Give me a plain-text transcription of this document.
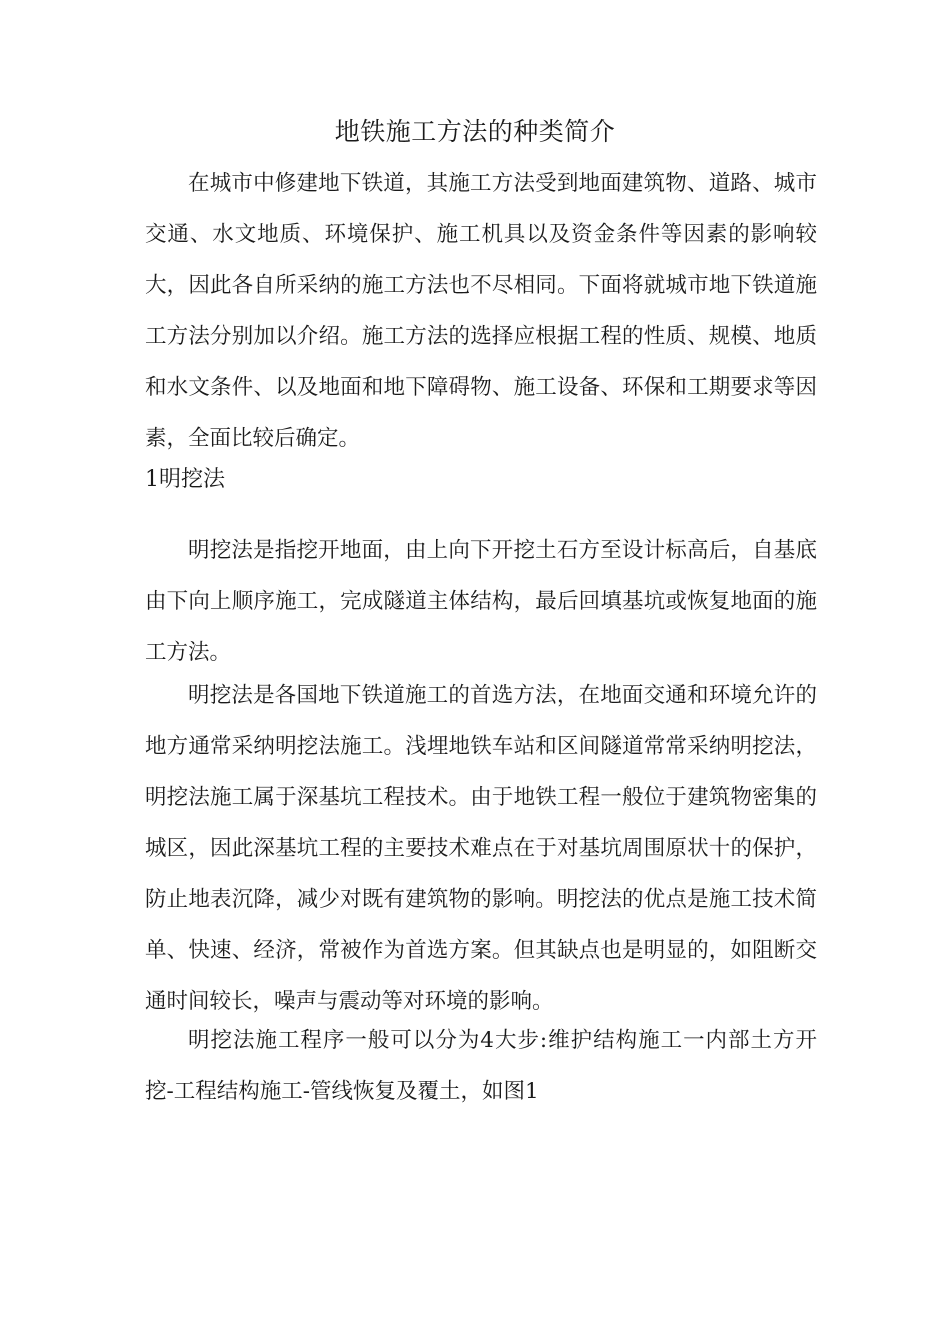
地铁施工方法的种类简介

在城市中修建地下铁道，其施工方法受到地面建筑物、道路、城市交通、水文地质、环境保护、施工机具以及资金条件等因素的影响较大，因此各自所采纳的施工方法也不尽相同。下面将就城市地下铁道施工方法分别加以介绍。施工方法的选择应根据工程的性质、规模、地质和水文条件、以及地面和地下障碍物、施工设备、环保和工期要求等因素，全面比较后确定。

1明挖法

明挖法是指挖开地面，由上向下开挖土石方至设计标高后，自基底由下向上顺序施工，完成隧道主体结构，最后回填基坑或恢复地面的施工方法。

明挖法是各国地下铁道施工的首选方法，在地面交通和环境允许的地方通常采纳明挖法施工。浅埋地铁车站和区间隧道常常采纳明挖法，明挖法施工属于深基坑工程技术。由于地铁工程一般位于建筑物密集的城区，因此深基坑工程的主要技术难点在于对基坑周围原状十的保护，防止地表沉降，减少对既有建筑物的影响。明挖法的优点是施工技术简单、快速、经济，常被作为首选方案。但其缺点也是明显的，如阻断交通时间较长，噪声与震动等对环境的影响。

明挖法施工程序一般可以分为4大步:维护结构施工一内部土方开挖-工程结构施工-管线恢复及覆土，如图1
